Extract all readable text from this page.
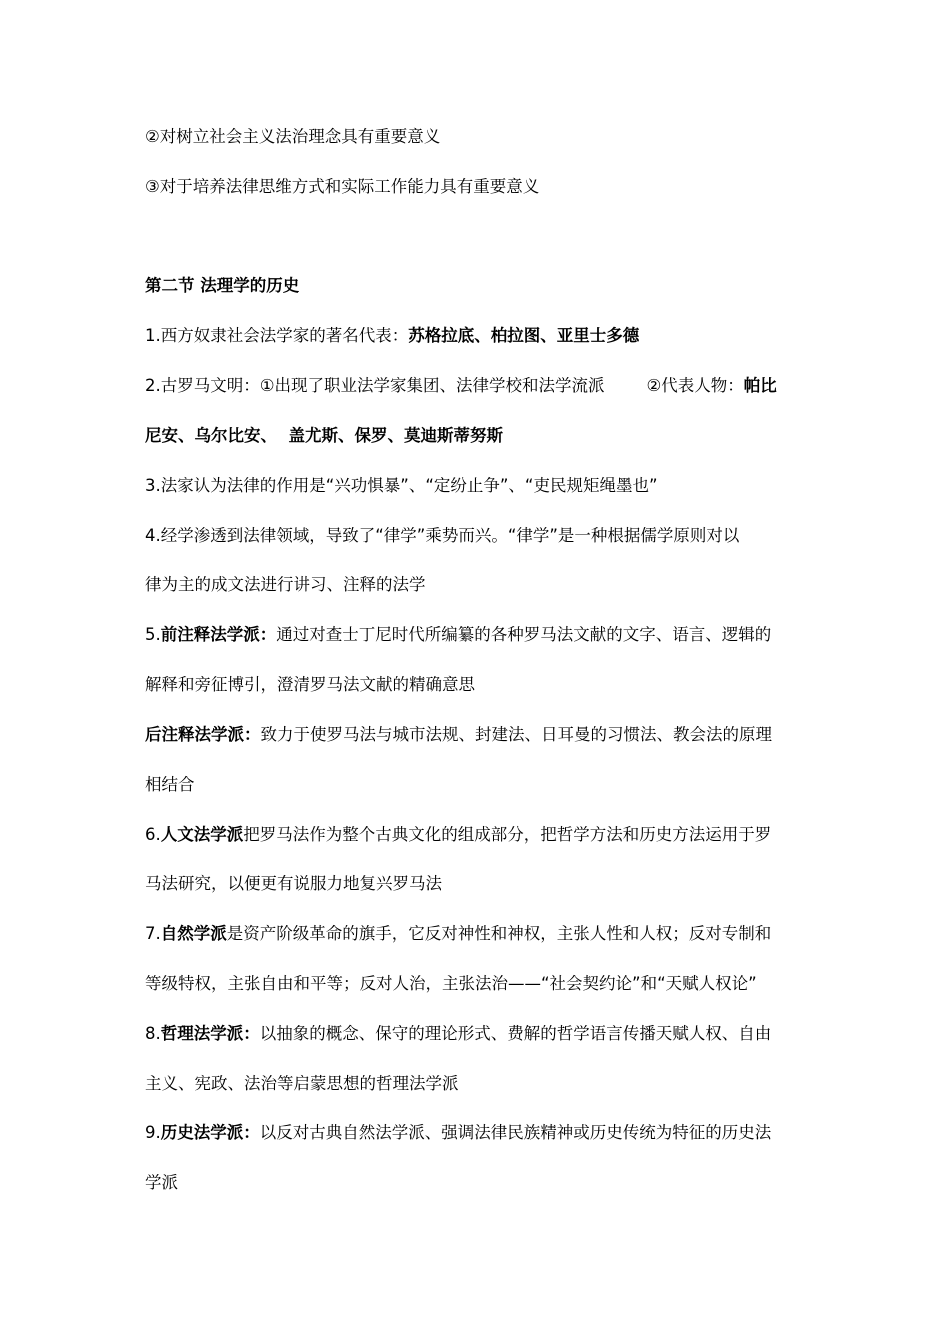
②对树立社会主义法治理念具有重要意义
③对于培养法律思维方式和实际工作能力具有重要意义
第二节 法理学的历史
1.西方奴隶社会法学家的著名代表：苏格拉底、柏拉图、亚里士多德
2.古罗马文明：①出现了职业法学家集团、法律学校和法学流派        ②代表人物：帕比
尼安、乌尔比安、  盖尤斯、保罗、莫迪斯蒂努斯
3.法家认为法律的作用是“兴功惧暴”、“定纷止争”、“吏民规矩绳墨也”
4.经学渗透到法律领域，导致了“律学”乘势而兴。“律学”是一种根据儒学原则对以
律为主的成文法进行讲习、注释的法学
5.前注释法学派：通过对查士丁尼时代所编纂的各种罗马法文献的文字、语言、逻辑的
解释和旁征博引，澄清罗马法文献的精确意思
后注释法学派：致力于使罗马法与城市法规、封建法、日耳曼的习惯法、教会法的原理
相结合
6.人文法学派把罗马法作为整个古典文化的组成部分，把哲学方法和历史方法运用于罗
马法研究，以便更有说服力地复兴罗马法
7.自然学派是资产阶级革命的旗手，它反对神性和神权，主张人性和人权；反对专制和
等级特权，主张自由和平等；反对人治，主张法治——“社会契约论”和“天赋人权论”
8.哲理法学派：以抽象的概念、保守的理论形式、费解的哲学语言传播天赋人权、自由
主义、宪政、法治等启蒙思想的哲理法学派
9.历史法学派：以反对古典自然法学派、强调法律民族精神或历史传统为特征的历史法
学派
